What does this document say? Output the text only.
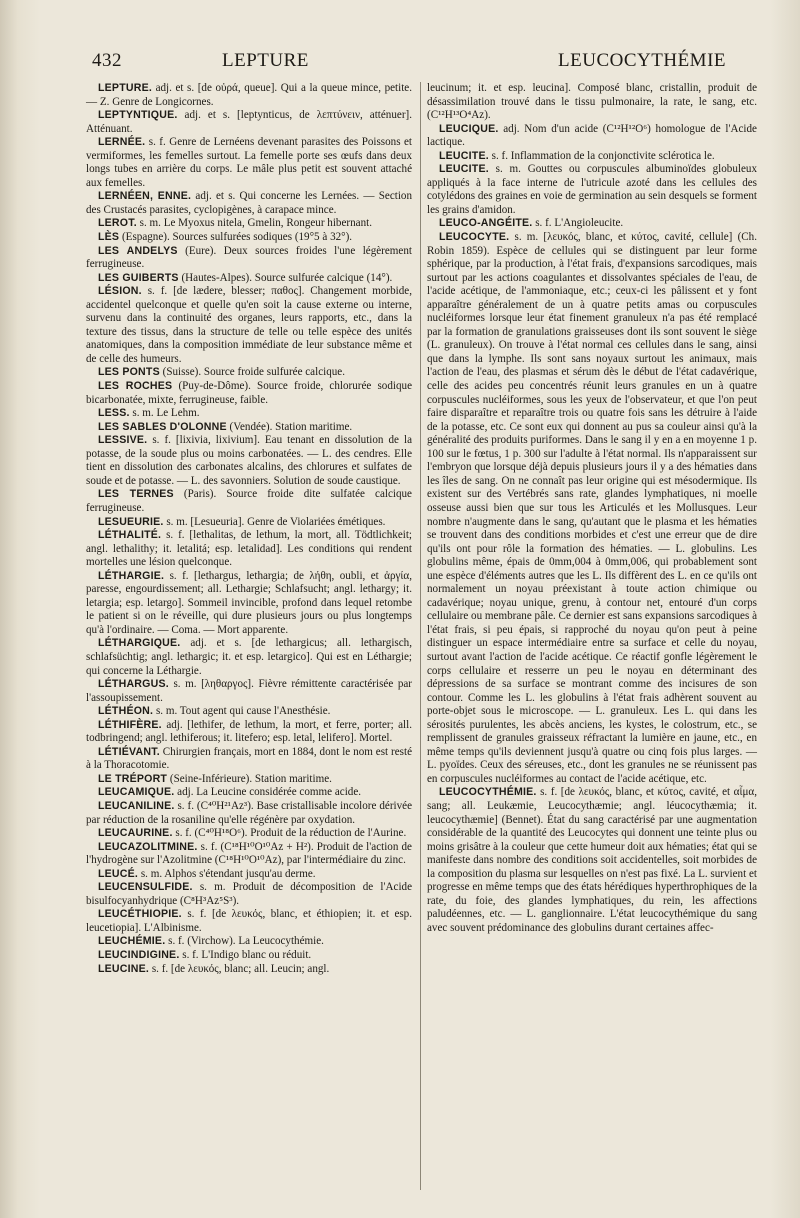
432	LEPTURE	LEUCOCYTHÉMIE

LEPTURE. adj. et s. [de οὐρά, queue]. Qui a la queue mince, petite. — Z. Genre de Longicornes.

LEPTYNTIQUE. adj. et s. [leptynticus, de λεπτύνειν, atténuer]. Atténuant.

LERNÉE. s. f. Genre de Lernéens devenant parasites des Poissons et vermiformes, les femelles surtout. La femelle porte ses œufs dans deux longs tubes en arrière du corps. Le mâle plus petit est souvent attaché aux femelles.

LERNÉEN, ENNE. adj. et s. Qui concerne les Lernées. — Section des Crustacés parasites, cyclopigènes, à carapace mince.

LEROT. s. m. Le Myoxus nitela, Gmelin, Rongeur hibernant.

LÈS (Espagne). Sources sulfurées sodiques (19°5 à 32°).

LES ANDELYS (Eure). Deux sources froides l'une légèrement ferrugineuse.

LES GUIBERTS (Hautes-Alpes). Source sulfurée calcique (14°).

LÉSION. s. f. [de lædere, blesser; παθος]. Changement morbide, accidentel quelconque et quelle qu'en soit la cause externe ou interne, survenu dans la continuité des organes, leurs rapports, etc., dans la texture des tissus, dans la structure de telle ou telle espèce des unités anatomiques, dans la composition immédiate de leur substance même et de celle des humeurs.

LES PONTS (Suisse). Source froide sulfurée calcique.

LES ROCHES (Puy-de-Dôme). Source froide, chlorurée sodique bicarbonatée, mixte, ferrugineuse, faible.

LESS. s. m. Le Lehm.

LES SABLES D'OLONNE (Vendée). Station maritime.

LESSIVE. s. f. [lixivia, lixivium]. Eau tenant en dissolution de la potasse, de la soude plus ou moins carbonatées. — L. des cendres. Elle tient en dissolution des carbonates alcalins, des chlorures et sulfates de soude et de potasse. — L. des savonniers. Solution de soude caustique.

LES TERNES (Paris). Source froide dite sulfatée calcique ferrugineuse.

LESUEURIE. s. m. [Lesueuria]. Genre de Violariées émétiques.

LÉTHALITÉ. s. f. [lethalitas, de lethum, la mort, all. Tödtlichkeit; angl. lethalithy; it. letalitá; esp. letalidad]. Les conditions qui rendent mortelles une lésion quelconque.

LÉTHARGIE. s. f. [lethargus, lethargia; de λήθη, oubli, et ἀργία, paresse, engourdissement; all. Lethargie; Schlafsucht; angl. lethargy; it. letargia; esp. letargo]. Sommeil invincible, profond dans lequel retombe le patient si on le réveille, qui dure plusieurs jours ou plus longtemps qu'à l'ordinaire. — Coma. — Mort apparente.

LÉTHARGIQUE. adj. et s. [de lethargicus; all. lethargisch, schlafsüchtig; angl. lethargic; it. et esp. letargico]. Qui est en Léthargie; qui concerne la Léthargie.

LÉTHARGUS. s. m. [ληθαργος]. Fièvre rémittente caractérisée par l'assoupissement.

LÉTHÉON. s. m. Tout agent qui cause l'Anesthésie.

LÉTHIFÈRE. adj. [lethifer, de lethum, la mort, et ferre, porter; all. todbringend; angl. lethiferous; it. litefero; esp. letal, lelifero]. Mortel.

LÉTIÉVANT. Chirurgien français, mort en 1884, dont le nom est resté à la Thoracotomie.

LE TRÉPORT (Seine-Inférieure). Station maritime.

LEUCAMIQUE. adj. La Leucine considérée comme acide.

LEUCANILINE. s. f. (C⁴⁰H²¹Az³). Base cristallisable incolore dérivée par réduction de la rosaniline qu'elle régénère par oxydation.

LEUCAURINE. s. f. (C⁴⁰H¹⁸O⁶). Produit de la réduction de l'Aurine.

LEUCAZOLITMINE. s. f. (C¹⁸H¹⁰O¹⁰Az + H²). Produit de l'action de l'hydrogène sur l'Azolitmine (C¹⁸H¹⁰O¹⁰Az), par l'intermédiaire du zinc.

LEUCÉ. s. m. Alphos s'étendant jusqu'au derme.

LEUCENSULFIDE. s. m. Produit de décomposition de l'Acide bisulfocyanhydrique (C⁸H³Az⁵S³).

LEUCÉTHIOPIE. s. f. [de λευκός, blanc, et éthiopien; it. et esp. leucetiopia]. L'Albinisme.

LEUCHÉMIE. s. f. (Virchow). La Leucocythémie.

LEUCINDIGINE. s. f. L'Indigo blanc ou réduit.

LEUCINE. s. f. [de λευκός, blanc; all. Leucin; angl.

leucinum; it. et esp. leucina]. Composé blanc, cristallin, produit de désassimilation trouvé dans le tissu pulmonaire, la rate, le sang, etc. (C¹²H¹³O⁴Az).

LEUCIQUE. adj. Nom d'un acide (C¹²H¹²O⁶) homologue de l'Acide lactique.

LEUCITE. s. f. Inflammation de la conjonctivite sclérotica le.

LEUCITE. s. m. Gouttes ou corpuscules albuminoïdes globuleux appliqués à la face interne de l'utricule azoté dans les cellules des cotylédons des graines en voie de germination au sein desquels se forment les grains d'amidon.

LEUCO-ANGÉITE. s. f. L'Angioleucite.

LEUCOCYTE. s. m. [λευκός, blanc, et κύτος, cavité, cellule] (Ch. Robin 1859). Espèce de cellules qui se distinguent par leur forme sphérique, par la production, à l'état frais, d'expansions sarcodiques, mais surtout par les actions coagulantes et dissolvantes spéciales de l'eau, de l'acide acétique, de l'ammoniaque, etc.; ceux-ci les pâlissent et y font apparaître généralement de un à quatre petits amas ou corpuscules nucléiformes lorsque leur état finement granuleux n'a pas été remplacé par la formation de granulations graisseuses dont ils sont souvent le siège (L. granuleux). On trouve à l'état normal ces cellules dans le sang, ainsi que dans la lymphe. Ils sont sans noyaux surtout les animaux, mais l'action de l'eau, des plasmas et sérum dès le début de l'état cadavérique, celle des acides peu concentrés réunit leurs granules en un à quatre corpuscules nucléiformes, sous les yeux de l'observateur, et que l'on peut faire disparaître et reparaître trois ou quatre fois sans les détruire à l'aide de la potasse, etc. Ce sont eux qui donnent au pus sa couleur ainsi qu'à la généralité des produits puriformes. Dans le sang il y en a en moyenne 1 p. 100 sur le fœtus, 1 p. 300 sur l'adulte à l'état normal. Ils n'apparaissent sur l'embryon que lorsque déjà depuis plusieurs jours il y a des hématies dans les îles de sang. On ne connaît pas leur origine qui est mésodermique. Ils existent sur des Vertébrés sans rate, glandes lymphatiques, ni moelle osseuse aussi bien que sur tous les Articulés et les Mollusques. Leur nombre n'augmente dans le sang, qu'autant que le plasma et les hématies se trouvent dans des conditions morbides et c'est une erreur que de dire qu'ils ont pour rôle la formation des hématies. — L. globulins. Les globulins même, épais de 0mm,004 à 0mm,006, qui probablement sont une espèce d'éléments autres que les L. Ils diffèrent des L. en ce qu'ils ont normalement un noyau préexistant à toute action chimique ou cadavérique; noyau unique, grenu, à contour net, entouré d'un corps cellulaire ou membrane pâle. Ce dernier est sans expansions sarcodiques à l'état frais, si peu épais, si rapproché du noyau qu'on peut à peine distinguer un espace intermédiaire entre sa surface et celle du noyau, surtout avant l'action de l'acide acétique. Ce réactif gonfle légèrement le corps cellulaire et resserre un peu le noyau en déterminant des dépressions de sa surface se montrant comme des incisures de son contour. Comme les L. les globulins à l'état frais adhèrent souvent au porte-objet sous le microscope. — L. granuleux. Les L. qui dans les sérosités purulentes, les abcès anciens, les kystes, le colostrum, etc., se remplissent de granules graisseux réfractant la lumière en jaune, etc., en même temps qu'ils deviennent jusqu'à quatre ou cinq fois plus larges. — L. pyoïdes. Ceux des séreuses, etc., dont les granules ne se réunissent pas en corpuscules nucléiformes au contact de l'acide acétique, etc.

LEUCOCYTHÉMIE. s. f. [de λευκός, blanc, et κύτος, cavité, et αἷμα, sang; all. Leukæmie, Leucocythæmie; angl. léucocythæmia; it. leucocythæmie] (Bennet). État du sang caractérisé par une augmentation considérable de la quantité des Leucocytes qui donnent une teinte plus ou moins grisâtre à la couleur que cette humeur doit aux hématies; état qui se manifeste dans nombre des conditions soit accidentelles, soit morbides de la composition du plasma sur lesquelles on n'est pas fixé. La L. survient et progresse en même temps que des états hérédiques hyperthrophiques de la rate, du foie, des glandes lymphatiques, du rein, les affections paludéennes, etc. — L. ganglionnaire. L'état leucocythémique du sang avec souvent prédominance des globulins durant certaines affec-
